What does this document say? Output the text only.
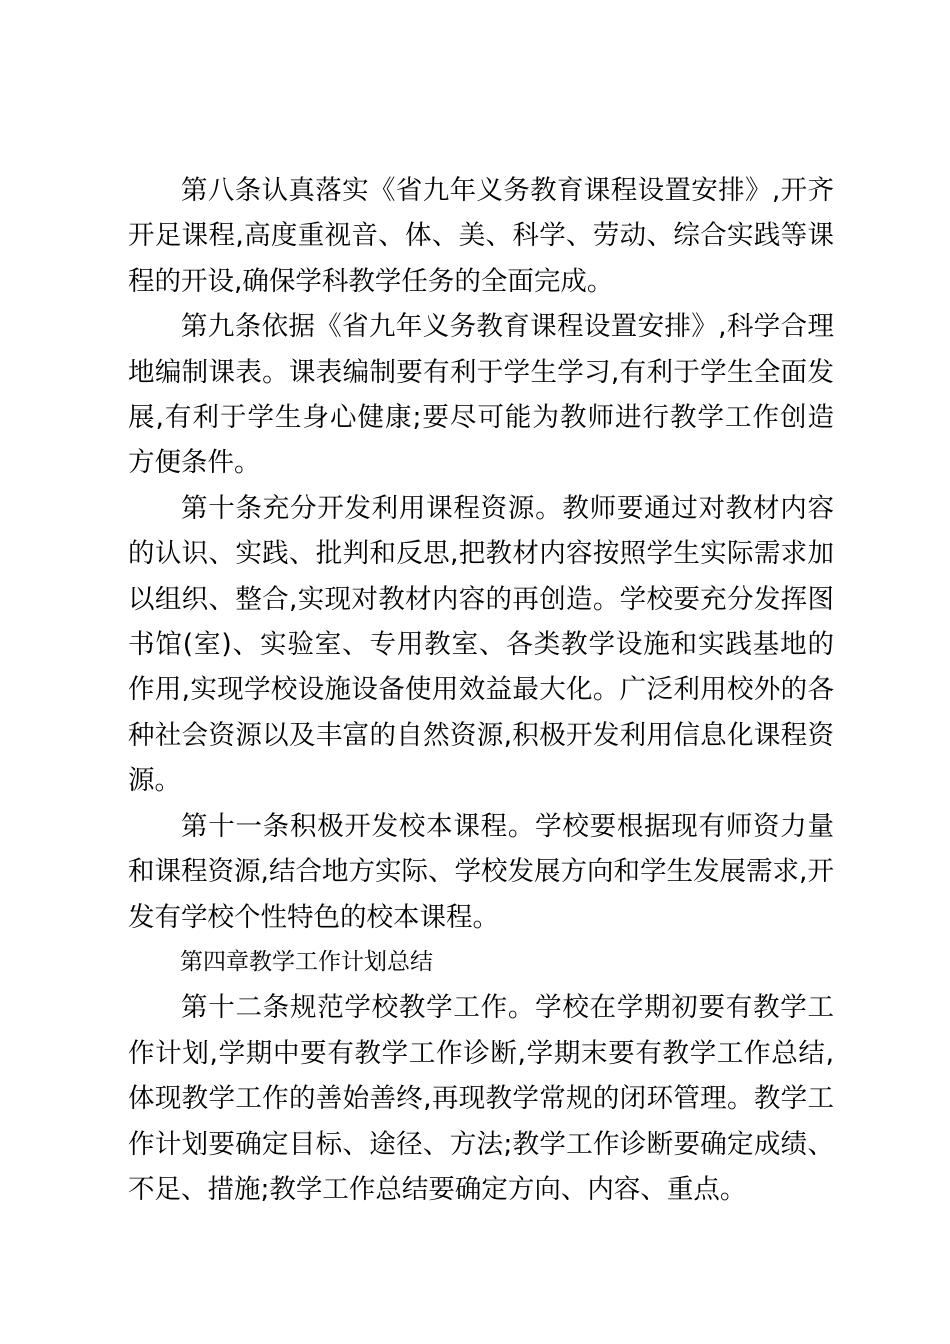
第八条认真落实《省九年义务教育课程设置安排》,开齐开足课程,高度重视音、体、美、科学、劳动、综合实践等课程的开设,确保学科教学任务的全面完成。

第九条依据《省九年义务教育课程设置安排》,科学合理地编制课表。课表编制要有利于学生学习,有利于学生全面发展,有利于学生身心健康;要尽可能为教师进行教学工作创造方便条件。

第十条充分开发利用课程资源。教师要通过对教材内容的认识、实践、批判和反思,把教材内容按照学生实际需求加以组织、整合,实现对教材内容的再创造。学校要充分发挥图书馆(室)、实验室、专用教室、各类教学设施和实践基地的作用,实现学校设施设备使用效益最大化。广泛利用校外的各种社会资源以及丰富的自然资源,积极开发利用信息化课程资源。

第十一条积极开发校本课程。学校要根据现有师资力量和课程资源,结合地方实际、学校发展方向和学生发展需求,开发有学校个性特色的校本课程。

第四章教学工作计划总结

第十二条规范学校教学工作。学校在学期初要有教学工作计划,学期中要有教学工作诊断,学期末要有教学工作总结,体现教学工作的善始善终,再现教学常规的闭环管理。教学工作计划要确定目标、途径、方法;教学工作诊断要确定成绩、不足、措施;教学工作总结要确定方向、内容、重点。
